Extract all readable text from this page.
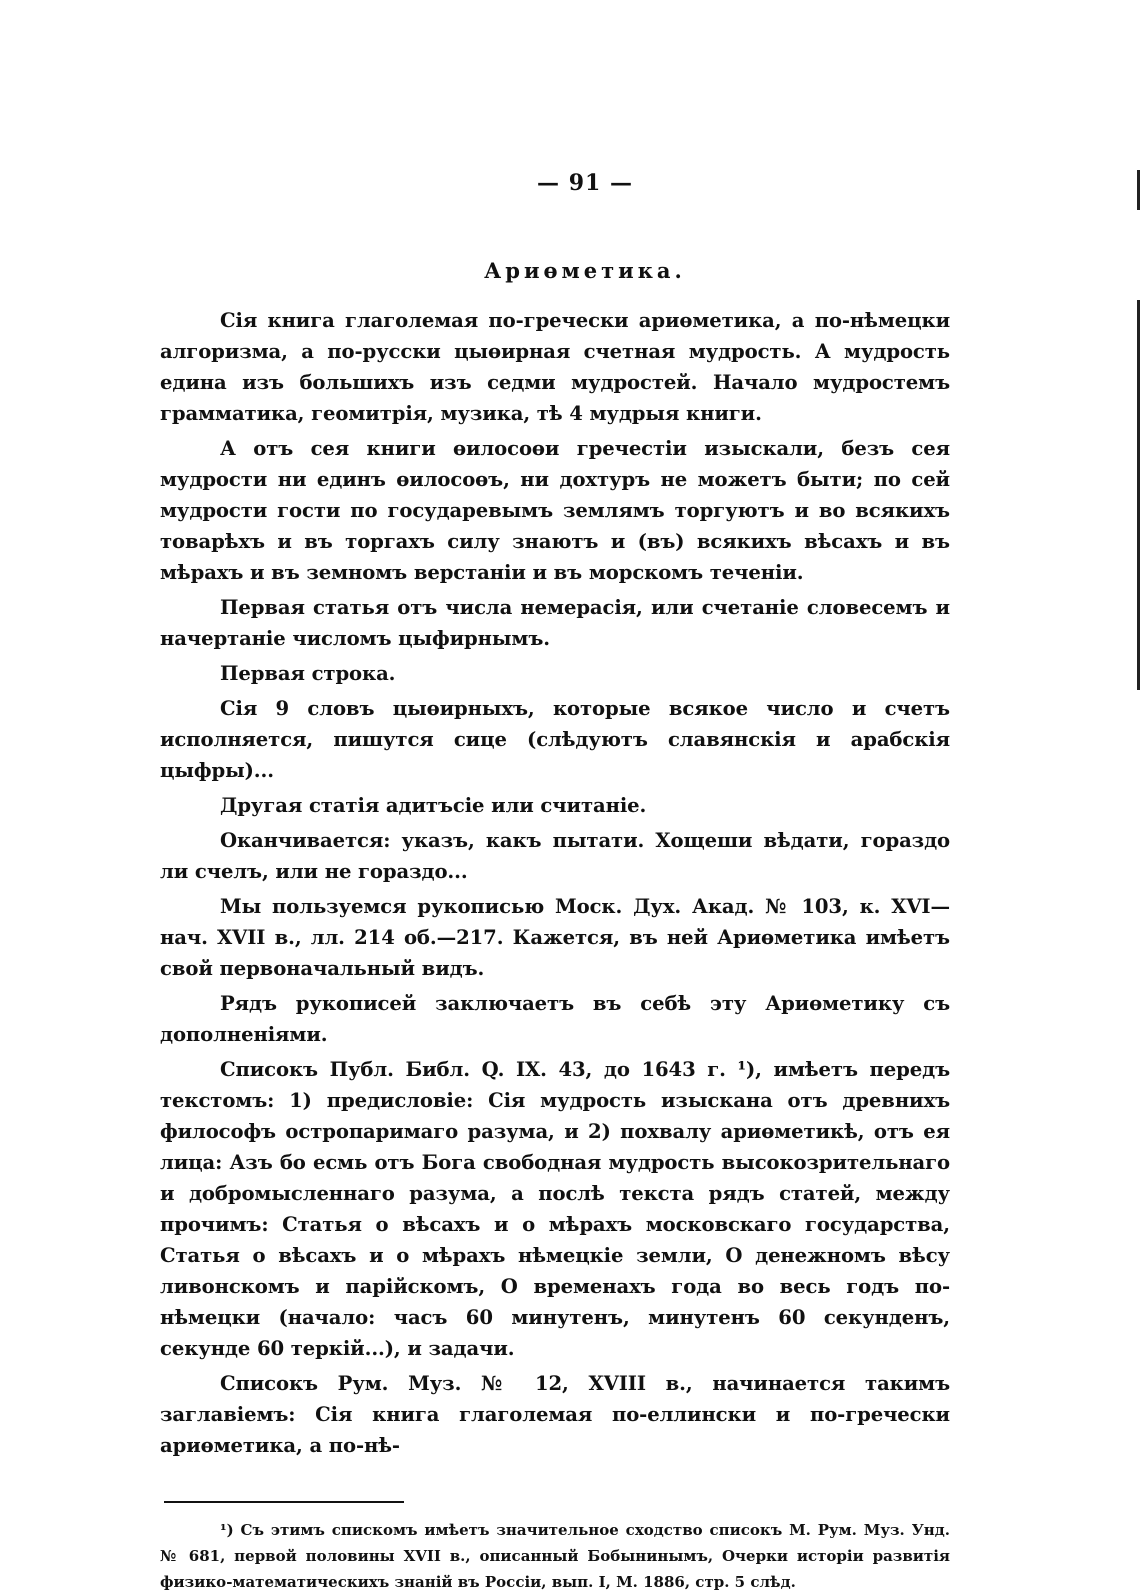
— 91 —
Ариөметика.

Сія книга глаголемая по-гречески ариөметика, а по-нѣмецки алгоризма, а по-русски цыөирная счетная мудрость. А мудрость едина изъ большихъ изъ седми мудростей. Начало мудростемъ грамматика, геомитрія, музика, тѣ 4 мудрыя книги.

А отъ сея книги өилосоөи гречестіи изыскали, безъ сея мудрости ни единъ өилосоөъ, ни дохтуръ не можетъ быти; по сей мудрости гости по государевымъ землямъ торгуютъ и во всякихъ товарѣхъ и въ торгахъ силу знаютъ и (въ) всякихъ вѣсахъ и въ мѣрахъ и въ земномъ верстаніи и въ морскомъ теченіи.

Первая статья отъ числа немерасія, или счетаніе словесемъ и начертаніе числомъ цыфирнымъ.

Первая строка.

Сія 9 словъ цыөирныхъ, которые всякое число и счетъ исполняется, пишутся сице (слѣдуютъ славянскія и арабскія цыфры)...

Другая статія адитъсіе или считаніе.

Оканчивается: указъ, какъ пытати. Хощеши вѣдати, гораздо ли счелъ, или не гораздо...

Мы пользуемся рукописью Моск. Дух. Акад. № 103, к. XVI—нач. XVII в., лл. 214 об.—217. Кажется, въ ней Ариөметика имѣетъ свой первоначальный видъ.

Рядъ рукописей заключаетъ въ себѣ эту Ариөметику съ дополненіями.

Списокъ Публ. Библ. Q. IX. 43, до 1643 г. ¹), имѣетъ передъ текстомъ: 1) предисловіе: Сія мудрость изыскана отъ древнихъ философъ остропаримаго разума, и 2) похвалу ариөметикѣ, отъ ея лица: Азъ бо есмь отъ Бога свободная мудрость высокозрительнаго и добромысленнаго разума, а послѣ текста рядъ статей, между прочимъ: Статья о вѣсахъ и о мѣрахъ московскаго государства, Статья о вѣсахъ и о мѣрахъ нѣмецкіе земли, О денежномъ вѣсу ливонскомъ и парійскомъ, О временахъ года во весь годъ по-нѣмецки (начало: часъ 60 минутенъ, минутенъ 60 секунденъ, секунде 60 теркій...), и задачи.

Списокъ Рум. Муз. № 12, XVIII в., начинается такимъ заглавіемъ: Сія книга глаголемая по-еллински и по-гречески ариөметика, а по-нѣ-

¹) Съ этимъ спискомъ имѣетъ значительное сходство списокъ М. Рум. Муз. Унд. № 681, первой половины XVII в., описанный Бобынинымъ, Очерки исторіи развитія физико-математическихъ знаній въ Россіи, вып. I, М. 1886, стр. 5 слѣд.
